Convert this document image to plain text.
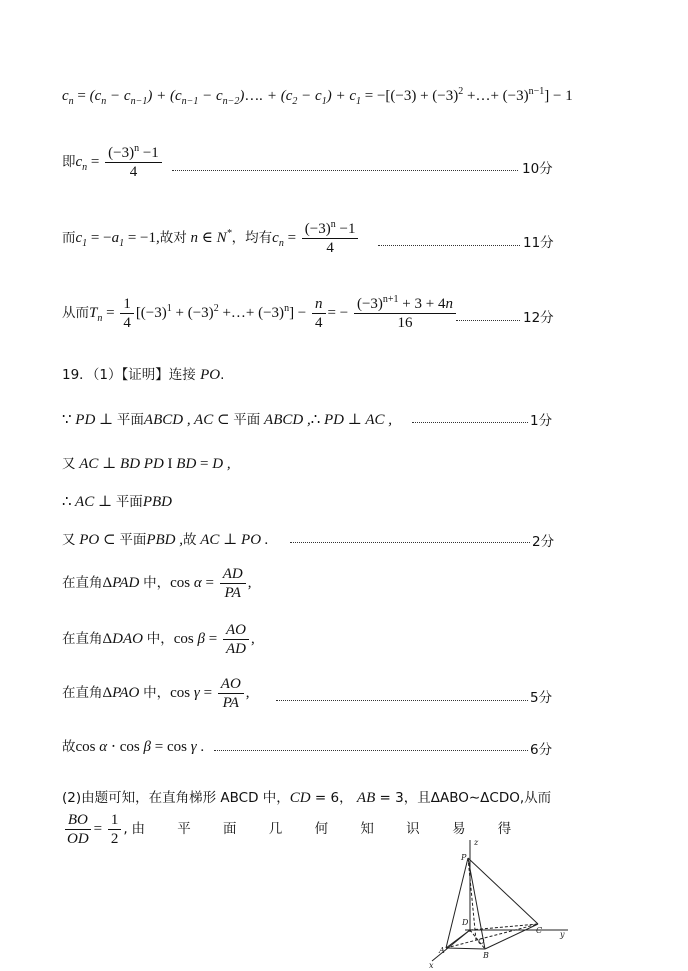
$c_n = (c_n - c_{n-1}) + (c_{n-1}$ − $c_{n-2})\dots$. + $(c_2 - c_1) + c_1 = -[(-3) + (-3)^2$ +…+ $(-3)^{n-1}] - 1$
即$c_n = \frac{(-3)^n -1}{4}$	10分
而$c_1 = -a_1 = -1$,故对 n ∈ N*，均有$c_n = \frac{(-3)^n -1}{4}$	11分
从而$T_n = \frac{1}{4} [(-3)^1 + (-3)^2$ +…+ $(-3)^n] - \frac{n}{4}$ = − $\frac{(-3)^{n+1} + 3 + 4n}{16}$	12分
19．（1）【证明】连接 PO.
∵ PD ⊥ 平面ABCD , AC ⊂ 平面 ABCD ,∴ PD ⊥ AC ,	1分
又 AC ⊥ BD PD I BD = D ,
∴ AC ⊥ 平面PBD
又 PO ⊂ 平面PBD ,故 AC ⊥ PO .	2分
在直角ΔPAD 中，$\cos \alpha = \frac{AD}{PA}$ ,
在直角ΔDAO 中，$\cos \beta = \frac{AO}{AD}$ ,
在直角ΔPAO 中，$\cos \gamma = \frac{AO}{PA}$ ,	5分
故cos α ⋅ cos β = cos γ .	6分
(2)由题可知，在直角梯形 ABCD 中，CD = 6， AB = 3，且ΔABO∼ΔCDO,从而
$\frac{BO}{OD} = \frac{1}{2}$ , 由 平 面 几 何 知 识 易 得
P
z
D
O
A
B
C
x
y
